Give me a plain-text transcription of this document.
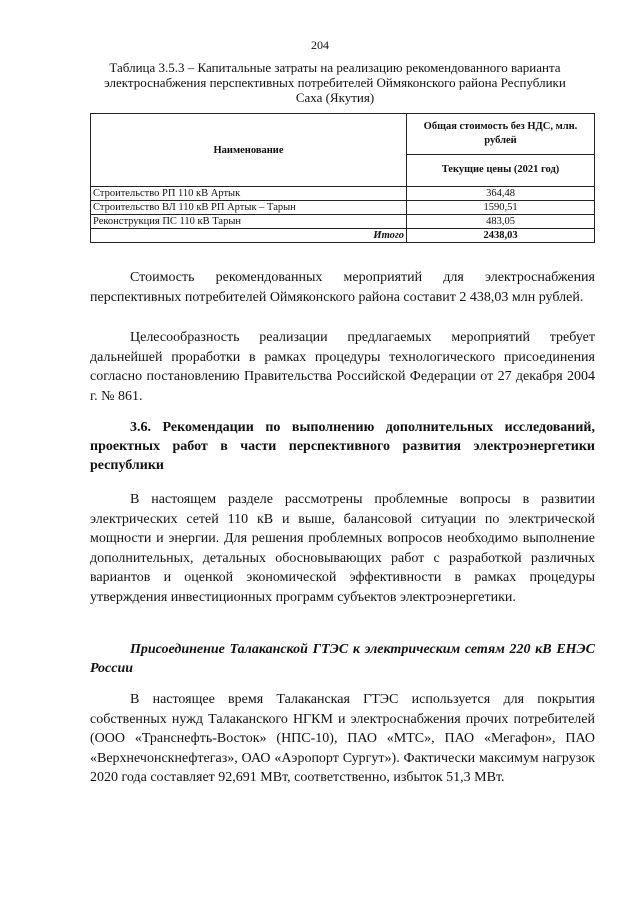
204
Таблица 3.5.3 – Капитальные затраты на реализацию рекомендованного варианта электроснабжения перспективных потребителей Оймяконского района Республики Саха (Якутия)
Наименование	Общая стоимость без НДС, млн. рублей
	Текущие цены (2021 год)
Строительство РП 110 кВ Артык	364,48
Строительство ВЛ 110 кВ РП Артык – Тарын	1590,51
Реконструкция ПС 110 кВ Тарын	483,05
Итого	2438,03

Стоимость рекомендованных мероприятий для электроснабжения перспективных потребителей Оймяконского района составит 2 438,03 млн рублей.

Целесообразность реализации предлагаемых мероприятий требует дальнейшей проработки в рамках процедуры технологического присоединения согласно постановлению Правительства Российской Федерации от 27 декабря 2004 г. № 861.

3.6. Рекомендации по выполнению дополнительных исследований, проектных работ в части перспективного развития электроэнергетики республики

В настоящем разделе рассмотрены проблемные вопросы в развитии электрических сетей 110 кВ и выше, балансовой ситуации по электрической мощности и энергии. Для решения проблемных вопросов необходимо выполнение дополнительных, детальных обосновывающих работ с разработкой различных вариантов и оценкой экономической эффективности в рамках процедуры утверждения инвестиционных программ субъектов электроэнергетики.

Присоединение Талаканской ГТЭС к электрическим сетям 220 кВ ЕНЭС России

В настоящее время Талаканская ГТЭС используется для покрытия собственных нужд Талаканского НГКМ и электроснабжения прочих потребителей (ООО «Транснефть-Восток» (НПС-10), ПАО «МТС», ПАО «Мегафон», ПАО «Верхнечонскнефтегаз», ОАО «Аэропорт Сургут»). Фактически максимум нагрузок 2020 года составляет 92,691 МВт, соответственно, избыток 51,3 МВт.
